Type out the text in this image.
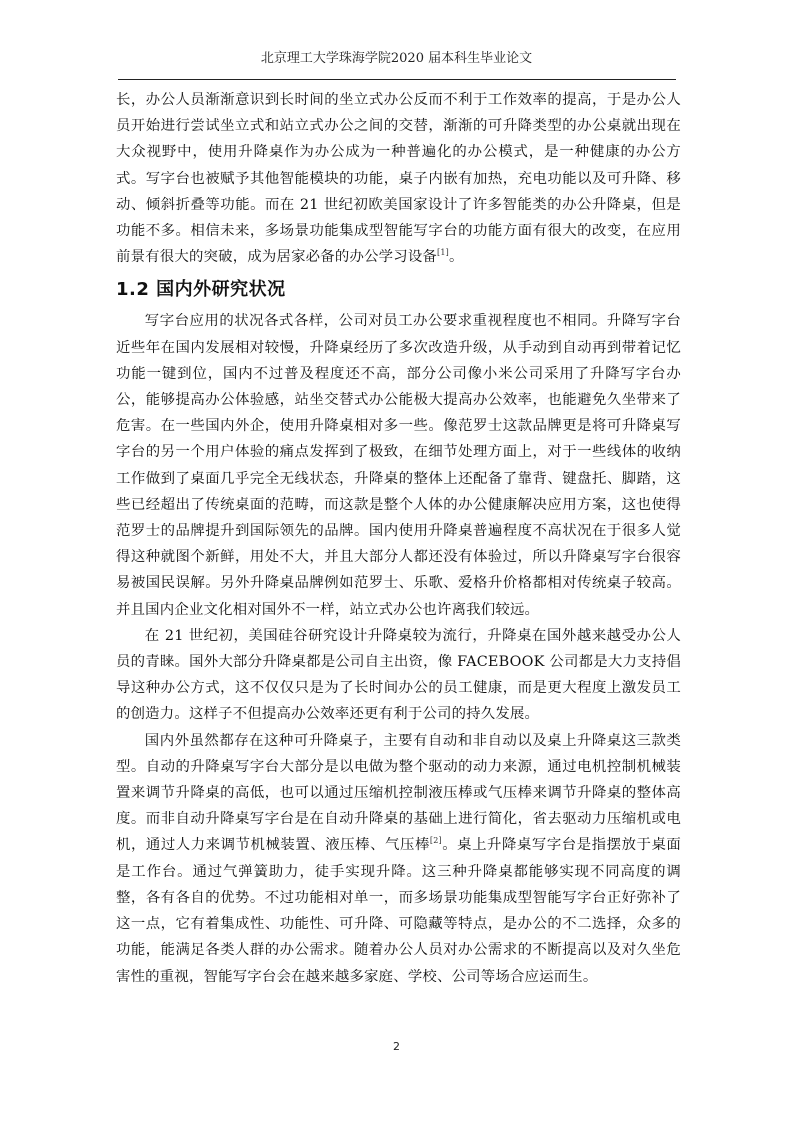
北京理工大学珠海学院2020 届本科生毕业论文

长，办公人员渐渐意识到长时间的坐立式办公反而不利于工作效率的提高，于是办公人员开始进行尝试坐立式和站立式办公之间的交替，渐渐的可升降类型的办公桌就出现在大众视野中，使用升降桌作为办公成为一种普遍化的办公模式，是一种健康的办公方式。写字台也被赋予其他智能模块的功能，桌子内嵌有加热，充电功能以及可升降、移动、倾斜折叠等功能。而在 21 世纪初欧美国家设计了许多智能类的办公升降桌，但是功能不多。相信未来，多场景功能集成型智能写字台的功能方面有很大的改变，在应用前景有很大的突破，成为居家必备的办公学习设备[1]。

1.2 国内外研究状况

写字台应用的状况各式各样，公司对员工办公要求重视程度也不相同。升降写字台近些年在国内发展相对较慢，升降桌经历了多次改造升级，从手动到自动再到带着记忆功能一键到位，国内不过普及程度还不高，部分公司像小米公司采用了升降写字台办公，能够提高办公体验感，站坐交替式办公能极大提高办公效率，也能避免久坐带来了危害。在一些国内外企，使用升降桌相对多一些。像范罗士这款品牌更是将可升降桌写字台的另一个用户体验的痛点发挥到了极致，在细节处理方面上，对于一些线体的收纳工作做到了桌面几乎完全无线状态，升降桌的整体上还配备了靠背、键盘托、脚踏，这些已经超出了传统桌面的范畴，而这款是整个人体的办公健康解决应用方案，这也使得范罗士的品牌提升到国际领先的品牌。国内使用升降桌普遍程度不高状况在于很多人觉得这种就图个新鲜，用处不大，并且大部分人都还没有体验过，所以升降桌写字台很容易被国民误解。另外升降桌品牌例如范罗士、乐歌、爱格升价格都相对传统桌子较高。并且国内企业文化相对国外不一样，站立式办公也许离我们较远。

在 21 世纪初，美国硅谷研究设计升降桌较为流行，升降桌在国外越来越受办公人员的青睐。国外大部分升降桌都是公司自主出资，像 FACEBOOK 公司都是大力支持倡导这种办公方式，这不仅仅只是为了长时间办公的员工健康，而是更大程度上激发员工的创造力。这样子不但提高办公效率还更有利于公司的持久发展。

国内外虽然都存在这种可升降桌子，主要有自动和非自动以及桌上升降桌这三款类型。自动的升降桌写字台大部分是以电做为整个驱动的动力来源，通过电机控制机械装置来调节升降桌的高低，也可以通过压缩机控制液压棒或气压棒来调节升降桌的整体高度。而非自动升降桌写字台是在自动升降桌的基础上进行简化，省去驱动力压缩机或电机，通过人力来调节机械装置、液压棒、气压棒[2]。桌上升降桌写字台是指摆放于桌面是工作台。通过气弹簧助力，徒手实现升降。这三种升降桌都能够实现不同高度的调整，各有各自的优势。不过功能相对单一，而多场景功能集成型智能写字台正好弥补了这一点，它有着集成性、功能性、可升降、可隐藏等特点，是办公的不二选择，众多的功能，能满足各类人群的办公需求。随着办公人员对办公需求的不断提高以及对久坐危害性的重视，智能写字台会在越来越多家庭、学校、公司等场合应运而生。

2
